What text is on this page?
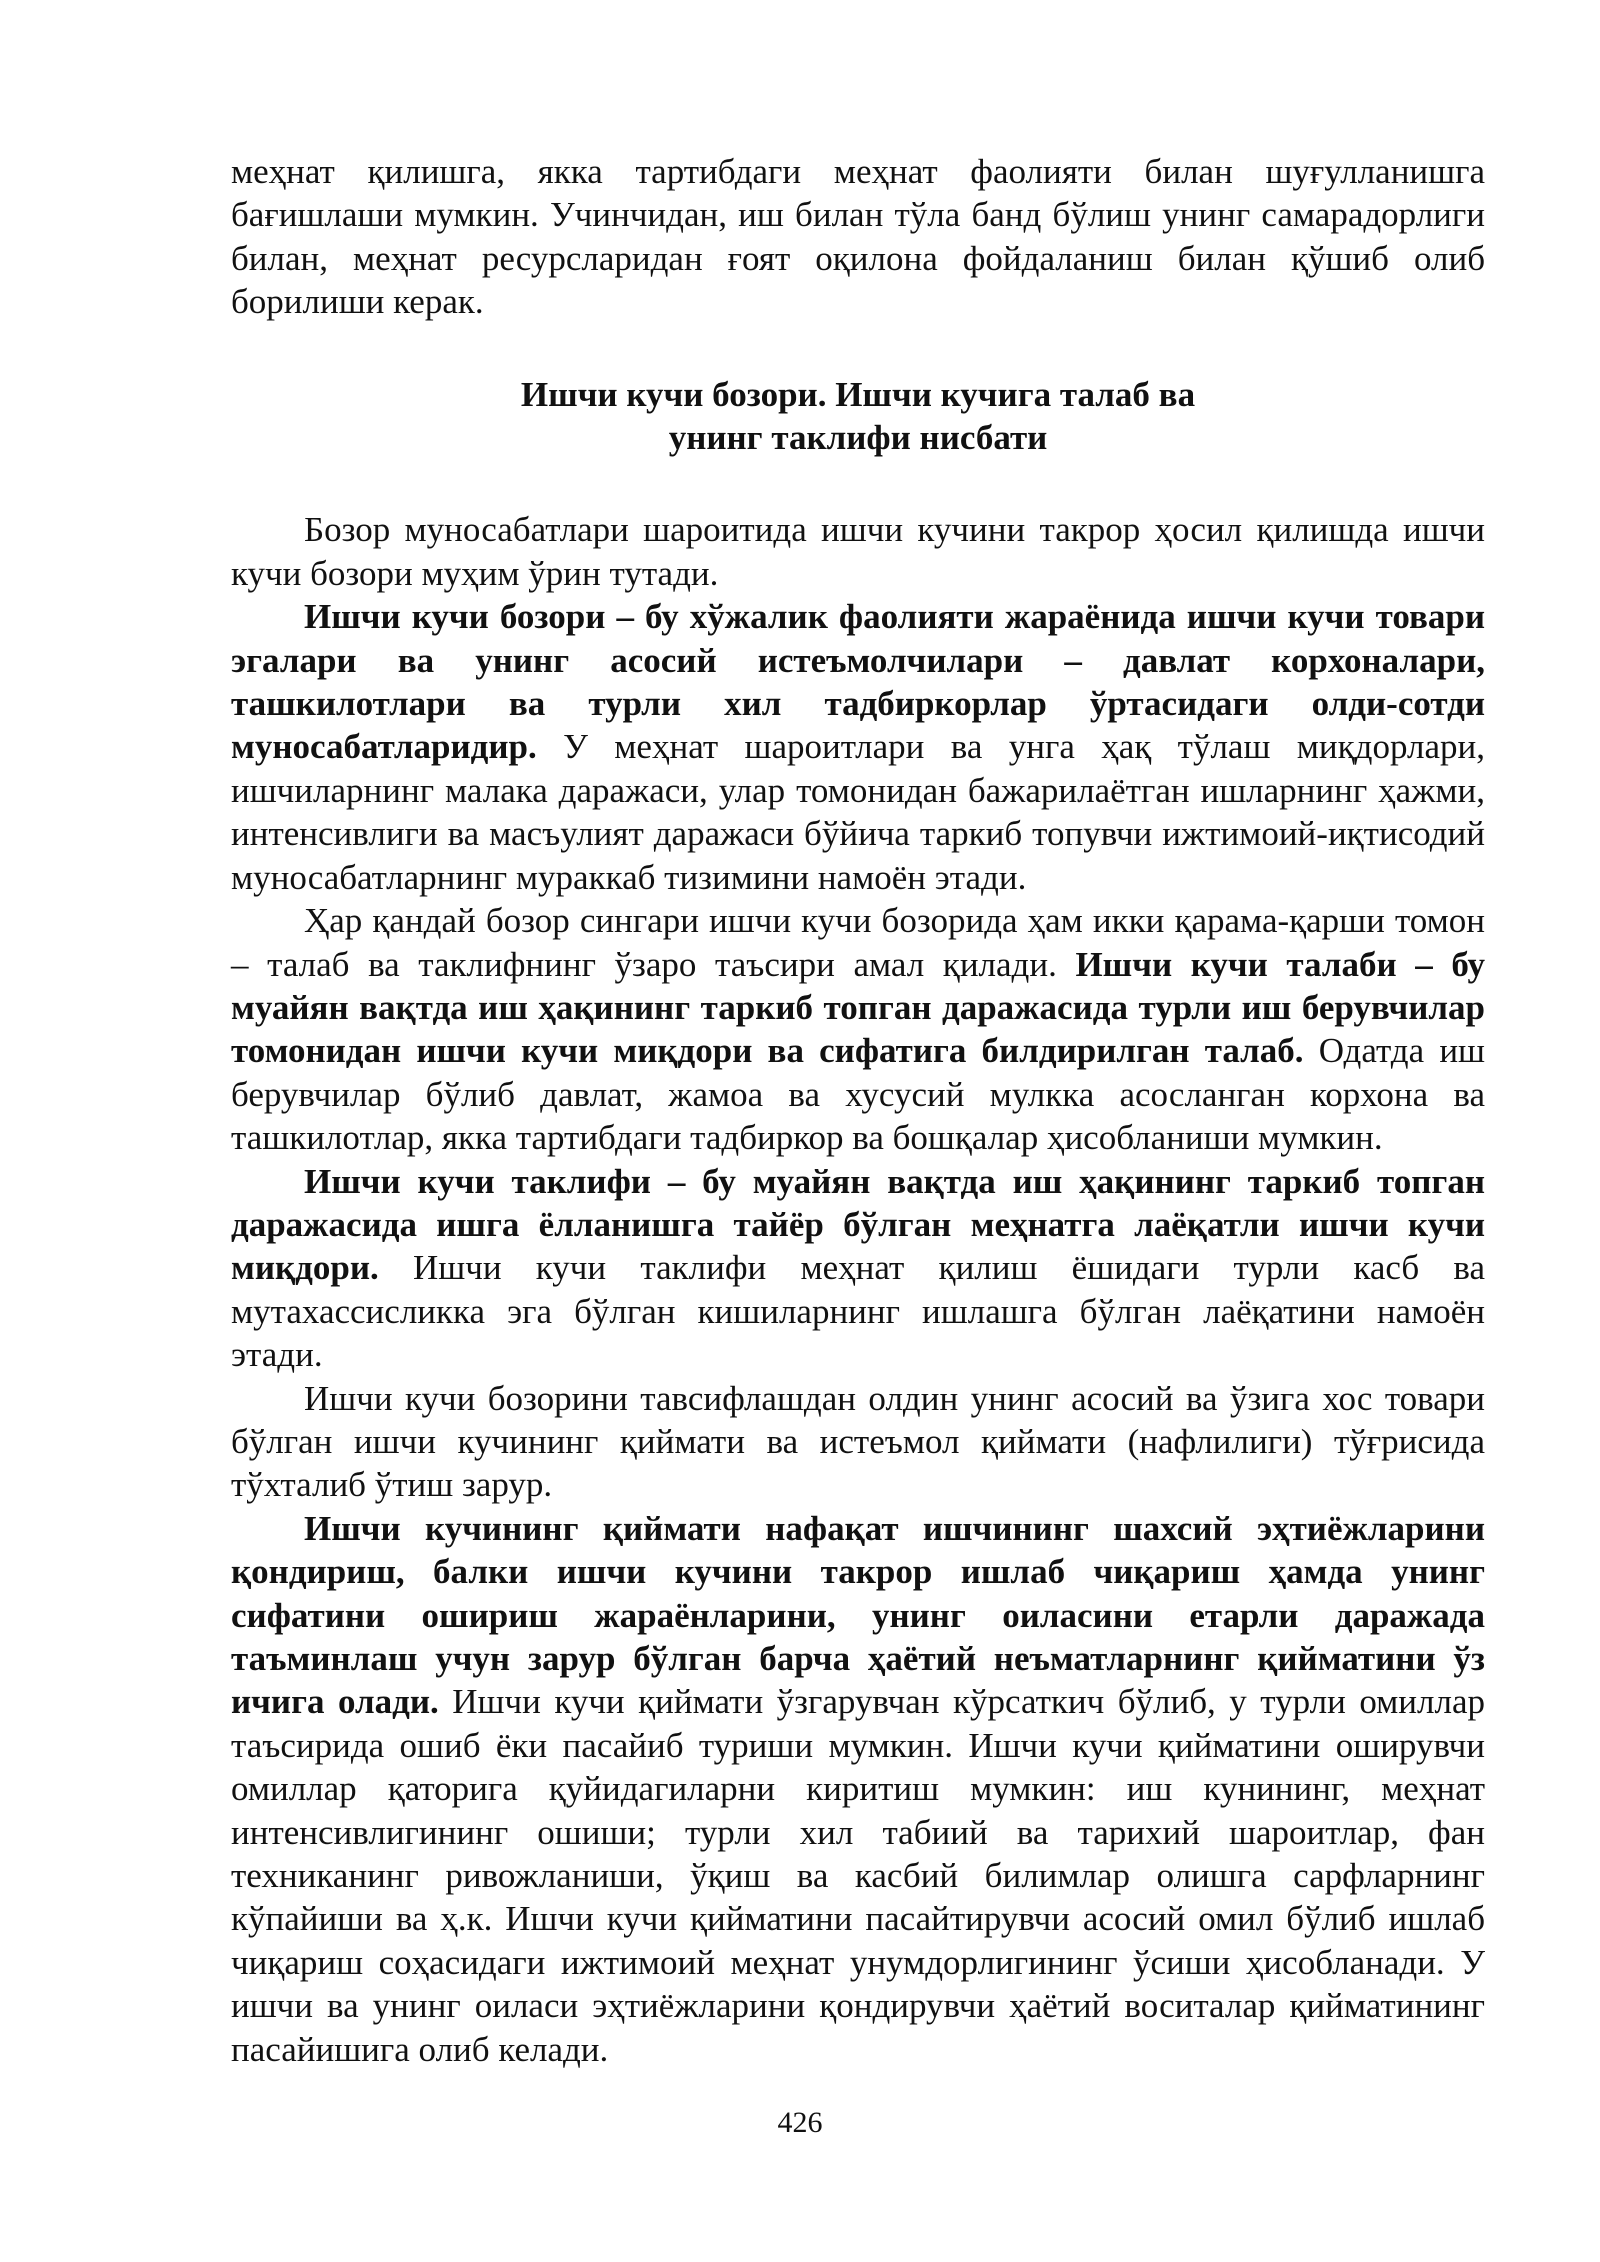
меҳнат қилишга, якка тартибдаги меҳнат фаолияти билан шуғулланишга бағишлаши мумкин. Учинчидан, иш билан тўла банд бўлиш унинг самарадорлиги билан, меҳнат ресурсларидан ғоят оқилона фойдаланиш билан қўшиб олиб борилиши керак.

Ишчи кучи бозори. Ишчи кучига талаб ва
унинг таклифи нисбати

Бозор муносабатлари шароитида ишчи кучини такрор ҳосил қилишда ишчи кучи бозори муҳим ўрин тутади.

Ишчи кучи бозори – бу хўжалик фаолияти жараёнида ишчи кучи товари эгалари ва унинг асосий истеъмолчилари – давлат корхоналари, ташкилотлари ва турли хил тадбиркорлар ўртасидаги олди-сотди муносабатларидир. У меҳнат шароитлари ва унга ҳақ тўлаш миқдорлари, ишчиларнинг малака даражаси, улар томонидан бажарилаётган ишларнинг ҳажми, интенсивлиги ва масъулият даражаси бўйича таркиб топувчи ижтимоий-иқтисодий муносабатларнинг мураккаб тизимини намоён этади.

Ҳар қандай бозор сингари ишчи кучи бозорида ҳам икки қарама-қарши томон – талаб ва таклифнинг ўзаро таъсири амал қилади. Ишчи кучи талаби – бу муайян вақтда иш ҳақининг таркиб топган даражасида турли иш берувчилар томонидан ишчи кучи миқдори ва сифатига билдирилган талаб. Одатда иш берувчилар бўлиб давлат, жамоа ва хусусий мулкка асосланган корхона ва ташкилотлар, якка тартибдаги тадбиркор ва бошқалар ҳисобланиши мумкин.

Ишчи кучи таклифи – бу муайян вақтда иш ҳақининг таркиб топган даражасида ишга ёлланишга тайёр бўлган меҳнатга лаёқатли ишчи кучи миқдори. Ишчи кучи таклифи меҳнат қилиш ёшидаги турли касб ва мутахассисликка эга бўлган кишиларнинг ишлашга бўлган лаёқатини намоён этади.

Ишчи кучи бозорини тавсифлашдан олдин унинг асосий ва ўзига хос товари бўлган ишчи кучининг қиймати ва истеъмол қиймати (нафлилиги) тўғрисида тўхталиб ўтиш зарур.

Ишчи кучининг қиймати нафақат ишчининг шахсий эҳтиёжларини қондириш, балки ишчи кучини такрор ишлаб чиқариш ҳамда унинг сифатини ошириш жараёнларини, унинг оиласини етарли даражада таъминлаш учун зарур бўлган барча ҳаётий неъматларнинг қийматини ўз ичига олади. Ишчи кучи қиймати ўзгарувчан кўрсаткич бўлиб, у турли омиллар таъсирида ошиб ёки пасайиб туриши мумкин. Ишчи кучи қийматини оширувчи омиллар қаторига қуйидагиларни киритиш мумкин: иш кунининг, меҳнат интенсивлигининг ошиши; турли хил табиий ва тарихий шароитлар, фан техниканинг ривожланиши, ўқиш ва касбий билимлар олишга сарфларнинг кўпайиши ва ҳ.к. Ишчи кучи қийматини пасайтирувчи асосий омил бўлиб ишлаб чиқариш соҳасидаги ижтимоий меҳнат унумдорлигининг ўсиши ҳисобланади. У ишчи ва унинг оиласи эҳтиёжларини қондирувчи ҳаётий воситалар қийматининг пасайишига олиб келади.

426
